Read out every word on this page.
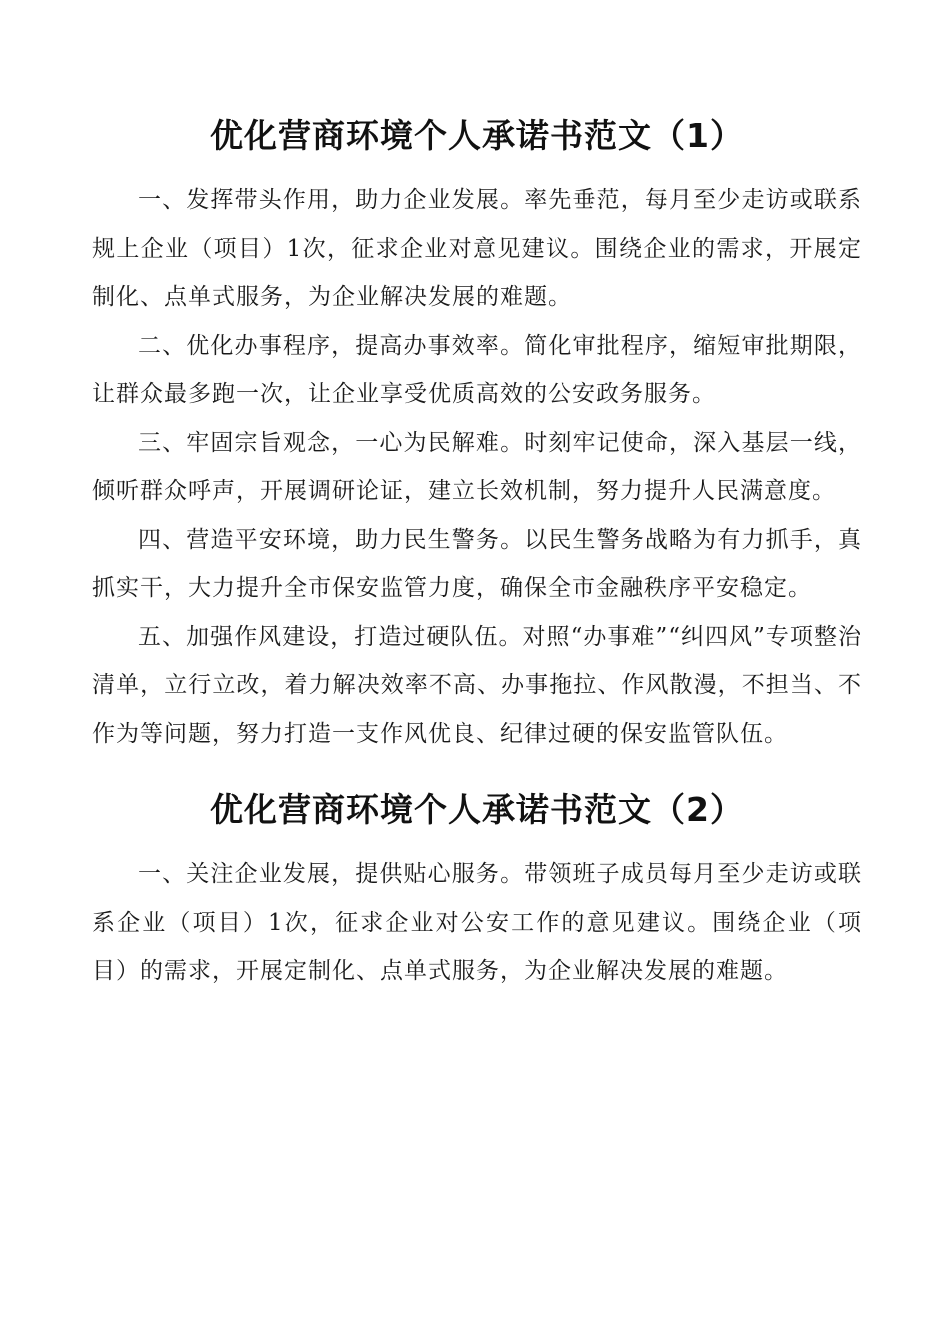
优化营商环境个人承诺书范文（1）

一、发挥带头作用，助力企业发展。率先垂范，每月至少走访或联系规上企业（项目）1次，征求企业对意见建议。围绕企业的需求，开展定制化、点单式服务，为企业解决发展的难题。

二、优化办事程序，提高办事效率。简化审批程序，缩短审批期限，让群众最多跑一次，让企业享受优质高效的公安政务服务。

三、牢固宗旨观念，一心为民解难。时刻牢记使命，深入基层一线，倾听群众呼声，开展调研论证，建立长效机制，努力提升人民满意度。

四、营造平安环境，助力民生警务。以民生警务战略为有力抓手，真抓实干，大力提升全市保安监管力度，确保全市金融秩序平安稳定。

五、加强作风建设，打造过硬队伍。对照“办事难”“纠四风”专项整治清单，立行立改，着力解决效率不高、办事拖拉、作风散漫，不担当、不作为等问题，努力打造一支作风优良、纪律过硬的保安监管队伍。

优化营商环境个人承诺书范文（2）

一、关注企业发展，提供贴心服务。带领班子成员每月至少走访或联系企业（项目）1次，征求企业对公安工作的意见建议。围绕企业（项目）的需求，开展定制化、点单式服务，为企业解决发展的难题。
